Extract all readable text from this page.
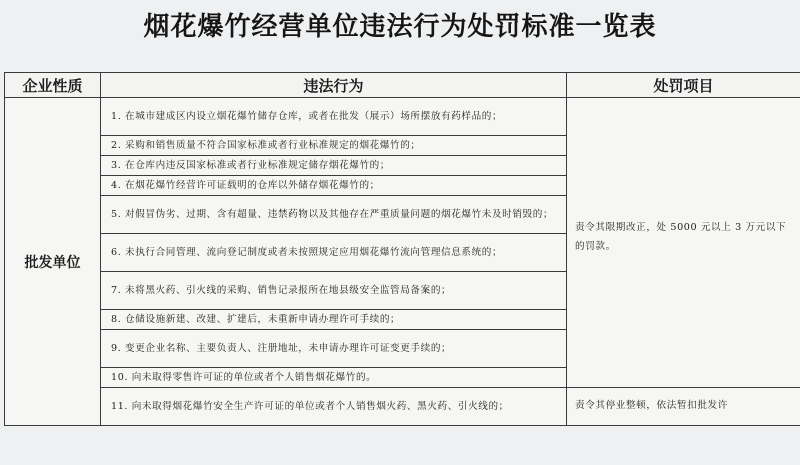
烟花爆竹经营单位违法行为处罚标准一览表
企业性质	违法行为	处罚项目
批发单位	1. 在城市建成区内设立烟花爆竹储存仓库，或者在批发（展示）场所摆放有药样品的；	责令其限期改正，处 5000 元以上 3 万元以下的罚款。
	2. 采购和销售质量不符合国家标准或者行业标准规定的烟花爆竹的；	
	3. 在仓库内违反国家标准或者行业标准规定储存烟花爆竹的；	
	4. 在烟花爆竹经营许可证载明的仓库以外储存烟花爆竹的；	
	5. 对假冒伪劣、过期、含有超量、违禁药物以及其他存在严重质量问题的烟花爆竹未及时销毁的；	
	6. 未执行合同管理、流向登记制度或者未按照规定应用烟花爆竹流向管理信息系统的；	
	7. 未将黑火药、引火线的采购、销售记录报所在地县级安全监管局备案的；	
	8. 仓储设施新建、改建、扩建后，未重新申请办理许可手续的；	
	9. 变更企业名称、主要负责人、注册地址，未申请办理许可证变更手续的；	
	10. 向未取得零售许可证的单位或者个人销售烟花爆竹的。	
	11. 向未取得烟花爆竹安全生产许可证的单位或者个人销售烟火药、黑火药、引火线的；	责令其停业整顿，依法暂扣批发许
